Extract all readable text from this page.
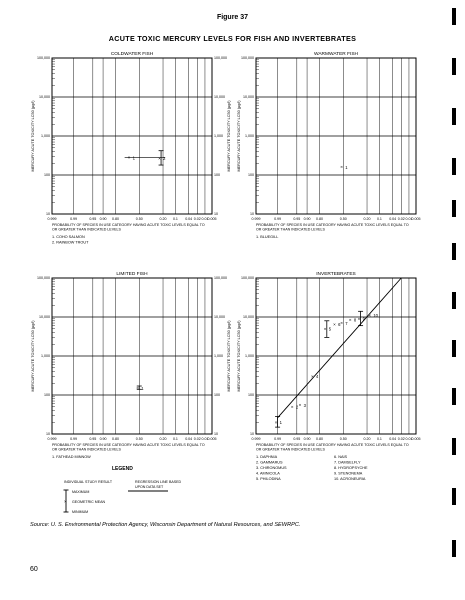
Figure 37
ACUTE TOXIC MERCURY LEVELS FOR FISH AND INVERTEBRATES
COLDWATER FISH
0.999	0.99	0.95 0.90 0.80	0.50	0.20 0.1 0.04 0.02 0.01 0.005
10	10
100	100
1,000	1,000
10,000	10,000
100,000	100,000
MERCURY ACUTE TOXICITY LC50 (µg/l)	MERCURY ACUTE TOXICITY LC50 (µg/l)
PROBABILITY OF SPECIES IN USE CATEGORY HAVING ACUTE TOXIC LEVELS EQUAL TO
OR GREATER THAN INDICATED LEVELS
1. COHO SALMON
2. RAINBOW TROUT
× 1	× 2
WARMWATER FISH
0.999	0.99	0.95 0.90 0.80	0.50	0.20 0.1 0.04 0.02 0.01 0.005
10
100
1,000
10,000
100,000
MERCURY ACUTE TOXICITY LC50 (µg/l)
PROBABILITY OF SPECIES IN USE CATEGORY HAVING ACUTE TOXIC LEVELS EQUAL TO
OR GREATER THAN INDICATED LEVELS
1. BLUEGILL
× 1
LIMITED FISH
0.999	0.99	0.95 0.90 0.80	0.50	0.20 0.1 0.04 0.02 0.01 0.005
10	10
100	100
1,000	1,000
10,000	10,000
100,000	100,000
MERCURY ACUTE TOXICITY LC50 (µg/l)	MERCURY ACUTE TOXICITY LC50 (µg/l)
PROBABILITY OF SPECIES IN USE CATEGORY HAVING ACUTE TOXIC LEVELS EQUAL TO
OR GREATER THAN INDICATED LEVELS
1. FATHEAD MINNOW
× 1
INVERTEBRATES
0.999	0.99	0.95 0.90 0.80	0.50	0.20 0.1 0.04 0.02 0.01 0.005
10
100
1,000
10,000
100,000
MERCURY ACUTE TOXICITY LC50 (µg/l)
PROBABILITY OF SPECIES IN USE CATEGORY HAVING ACUTE TOXIC LEVELS EQUAL TO
OR GREATER THAN INDICATED LEVELS
1. DAPHNIA
2. GAMMARUS
3. CHIRONOMUS
4. AMNICOLA
5. PHILODINA
6. NAIS
7. DAMSELFLY
8. HYDROPSYCHE
9. STENONEMA
10. ACRONEURIA
× 1
× 2 × 3
× 4
× 5
× 6 × 7
× 8 × 9
× 10
×
LEGEND
INDIVIDUAL STUDY RESULT
MAXIMUM
GEOMETRIC MEAN
MINIMUM
REGRESSION LINE BASED
UPON DATA SET
Source: U. S. Environmental Protection Agency, Wisconsin Department of Natural Resources, and SEWRPC.
60
